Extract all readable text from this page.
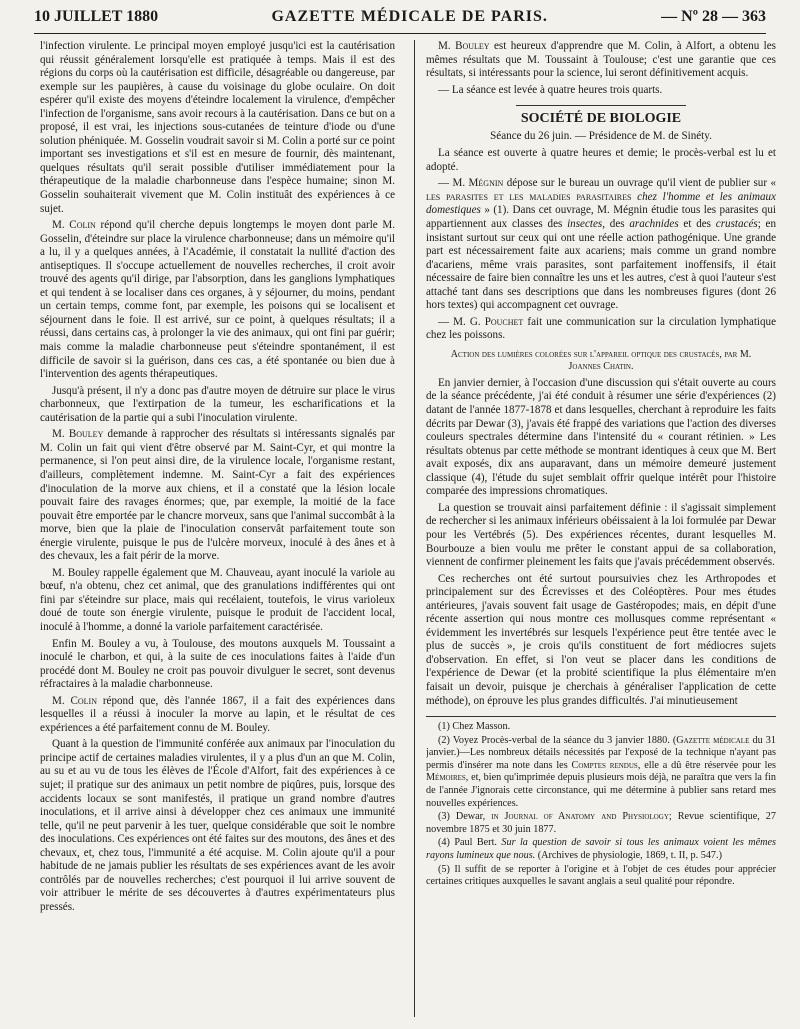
10 JUILLET 1880	GAZETTE MÉDICALE DE PARIS.	— Nº 28 — 363

l'infection virulente. Le principal moyen employé jusqu'ici est la cautérisation qui réussit généralement lorsqu'elle est pratiquée à temps. Mais il est des régions du corps où la cautérisation est difficile, désagréable ou dangereuse, par exemple sur les paupières, à cause du voisinage du globe oculaire. On doit espérer qu'il existe des moyens d'éteindre localement la virulence, d'empêcher l'infection de l'organisme, sans avoir recours à la cautérisation. Dans ce but on a proposé, il est vrai, les injections sous-cutanées de teinture d'iode ou d'une solution phéniquée. M. Gosselin voudrait savoir si M. Colin a porté sur ce point important ses investigations et s'il est en mesure de fournir, dès maintenant, quelques résultats qu'il serait possible d'utiliser immédiatement pour la thérapeutique de la maladie charbonneuse dans l'espèce humaine; sinon M. Gosselin souhaiterait vivement que M. Colin instituât des expériences à ce sujet.

M. Colin répond qu'il cherche depuis longtemps le moyen dont parle M. Gosselin, d'éteindre sur place la virulence charbonneuse; dans un mémoire qu'il a lu, il y a quelques années, à l'Académie, il constatait la nullité d'action des antiseptiques. Il s'occupe actuellement de nouvelles recherches, il croit avoir trouvé des agents qu'il dirige, par l'absorption, dans les ganglions lymphatiques et qui tendent à se localiser dans ces organes, à y séjourner, du moins, pendant un certain temps, comme font, par exemple, les poisons qui se localisent et séjournent dans le foie. Il est arrivé, sur ce point, à quelques résultats; il a réussi, dans certains cas, à prolonger la vie des animaux, qui ont fini par guérir; mais comme la maladie charbonneuse peut s'éteindre spontanément, il est difficile de savoir si la guérison, dans ces cas, a été spontanée ou bien due à l'intervention des agents thérapeutiques.

Jusqu'à présent, il n'y a donc pas d'autre moyen de détruire sur place le virus charbonneux, que l'extirpation de la tumeur, les escharifications et la cautérisation de la partie qui a subi l'inoculation virulente.

M. Bouley demande à rapprocher des résultats si intéressants signalés par M. Colin un fait qui vient d'être observé par M. Saint-Cyr, et qui montre la permanence, si l'on peut ainsi dire, de la virulence locale, l'organisme restant, d'ailleurs, complètement indemne. M. Saint-Cyr a fait des expériences d'inoculation de la morve aux chiens, et il a constaté que la lésion locale pouvait faire des ravages énormes; que, par exemple, la moitié de la face pouvait être emportée par le chancre morveux, sans que l'animal succombât à la morve, bien que la plaie de l'inoculation conservât parfaitement toute son énergie virulente, puisque le pus de l'ulcère morveux, inoculé à des ânes et à des chevaux, les a fait périr de la morve.

M. Bouley rappelle également que M. Chauveau, ayant inoculé la variole au bœuf, n'a obtenu, chez cet animal, que des granulations indifférentes qui ont fini par s'éteindre sur place, mais qui recélaient, toutefois, le virus varioleux doué de toute son énergie virulente, puisque le produit de l'accident local, inoculé à l'homme, a donné la variole parfaitement caractérisée.

Enfin M. Bouley a vu, à Toulouse, des moutons auxquels M. Toussaint a inoculé le charbon, et qui, à la suite de ces inoculations faites à l'aide d'un procédé dont M. Bouley ne croit pas pouvoir divulguer le secret, sont devenus réfractaires à la maladie charbonneuse.

M. Colin répond que, dès l'année 1867, il a fait des expériences dans lesquelles il a réussi à inoculer la morve au lapin, et le résultat de ces expériences a été parfaitement connu de M. Bouley.

Quant à la question de l'immunité conférée aux animaux par l'inoculation du principe actif de certaines maladies virulentes, il y a plus d'un an que M. Colin, au su et au vu de tous les élèves de l'École d'Alfort, fait des expériences à ce sujet; il pratique sur des animaux un petit nombre de piqûres, puis, lorsque des accidents locaux se sont manifestés, il pratique un grand nombre d'autres inoculations, et il arrive ainsi à développer chez ces animaux une immunité telle, qu'il ne peut parvenir à les tuer, quelque considérable que soit le nombre des inoculations. Ces expériences ont été faites sur des moutons, des ânes et des chevaux, et, chez tous, l'immunité a été acquise. M. Colin ajoute qu'il a pour habitude de ne jamais publier les résultats de ses expériences avant de les avoir contrôlés par de nouvelles recherches; c'est pourquoi il lui arrive souvent de voir attribuer le mérite de ses découvertes à d'autres expérimentateurs plus pressés.

M. Bouley est heureux d'apprendre que M. Colin, à Alfort, a obtenu les mêmes résultats que M. Toussaint à Toulouse; c'est une garantie que ces résultats, si intéressants pour la science, lui seront définitivement acquis.

— La séance est levée à quatre heures trois quarts.

SOCIÉTÉ DE BIOLOGIE

Séance du 26 juin. — Présidence de M. de Sinéty.

La séance est ouverte à quatre heures et demie; le procès-verbal est lu et adopté.

— M. Mégnin dépose sur le bureau un ouvrage qu'il vient de publier sur « les parasites et les maladies parasitaires chez l'homme et les animaux domestiques » (1). Dans cet ouvrage, M. Mégnin étudie tous les parasites qui appartiennent aux classes des insectes, des arachnides et des crustacés; en insistant surtout sur ceux qui ont une réelle action pathogénique. Une grande part est nécessairement faite aux acariens; mais comme un grand nombre d'acariens, même vrais parasites, sont parfaitement inoffensifs, il était nécessaire de faire bien connaître les uns et les autres, c'est à quoi l'auteur s'est attaché tant dans ses descriptions que dans les nombreuses figures (dont 26 hors textes) qui accompagnent cet ouvrage.

— M. G. Pouchet fait une communication sur la circulation lymphatique chez les poissons.

Action des lumières colorées sur l'appareil optique des crustacés, par M. Joannes Chatin.

En janvier dernier, à l'occasion d'une discussion qui s'était ouverte au cours de la séance précédente, j'ai été conduit à résumer une série d'expériences (2) datant de l'année 1877-1878 et dans lesquelles, cherchant à reproduire les faits décrits par Dewar (3), j'avais été frappé des variations que l'action des diverses couleurs spectrales détermine dans l'intensité du « courant rétinien. » Les résultats obtenus par cette méthode se montrant identiques à ceux que M. Bert avait exposés, dix ans auparavant, dans un mémoire demeuré justement classique (4), l'étude du sujet semblait offrir quelque intérêt pour l'histoire comparée des impressions chromatiques.

La question se trouvait ainsi parfaitement définie : il s'agissait simplement de rechercher si les animaux inférieurs obéissaient à la loi formulée par Dewar pour les Vertébrés (5). Des expériences récentes, durant lesquelles M. Bourbouze a bien voulu me prêter le constant appui de sa collaboration, viennent de confirmer pleinement les faits que j'avais précédemment observés.

Ces recherches ont été surtout poursuivies chez les Arthropodes et principalement sur des Écrevisses et des Coléoptères. Pour mes études antérieures, j'avais souvent fait usage de Gastéropodes; mais, en dépit d'une récente assertion qui nous montre ces mollusques comme représentant « évidemment les invertébrés sur lesquels l'expérience peut être tentée avec le plus de succès », je crois qu'ils constituent de fort médiocres sujets d'observation. En effet, si l'on veut se placer dans les conditions de l'expérience de Dewar (et la probité scientifique la plus élémentaire m'en faisait un devoir, puisque je cherchais à généraliser l'application de cette méthode), on éprouve les plus grandes difficultés. J'ai minutieusement

(1) Chez Masson.

(2) Voyez Procès-verbal de la séance du 3 janvier 1880. (Gazette médicale du 31 janvier.)—Les nombreux détails nécessités par l'exposé de la technique n'ayant pas permis d'insérer ma note dans les Comptes rendus, elle a dû être réservée pour les Mémoires, et, bien qu'imprimée depuis plusieurs mois déjà, ne paraîtra que vers la fin de l'année J'ignorais cette circonstance, qui me détermine à publier sans retard mes nouvelles expériences.

(3) Dewar, in Journal of Anatomy and Physiology; Revue scientifique, 27 novembre 1875 et 30 juin 1877.

(4) Paul Bert. Sur la question de savoir si tous les animaux voient les mêmes rayons lumineux que nous. (Archives de physiologie, 1869, t. II, p. 547.)

(5) Il suffit de se reporter à l'origine et à l'objet de ces études pour apprécier certaines critiques auxquelles le savant anglais a seul qualité pour répondre.
